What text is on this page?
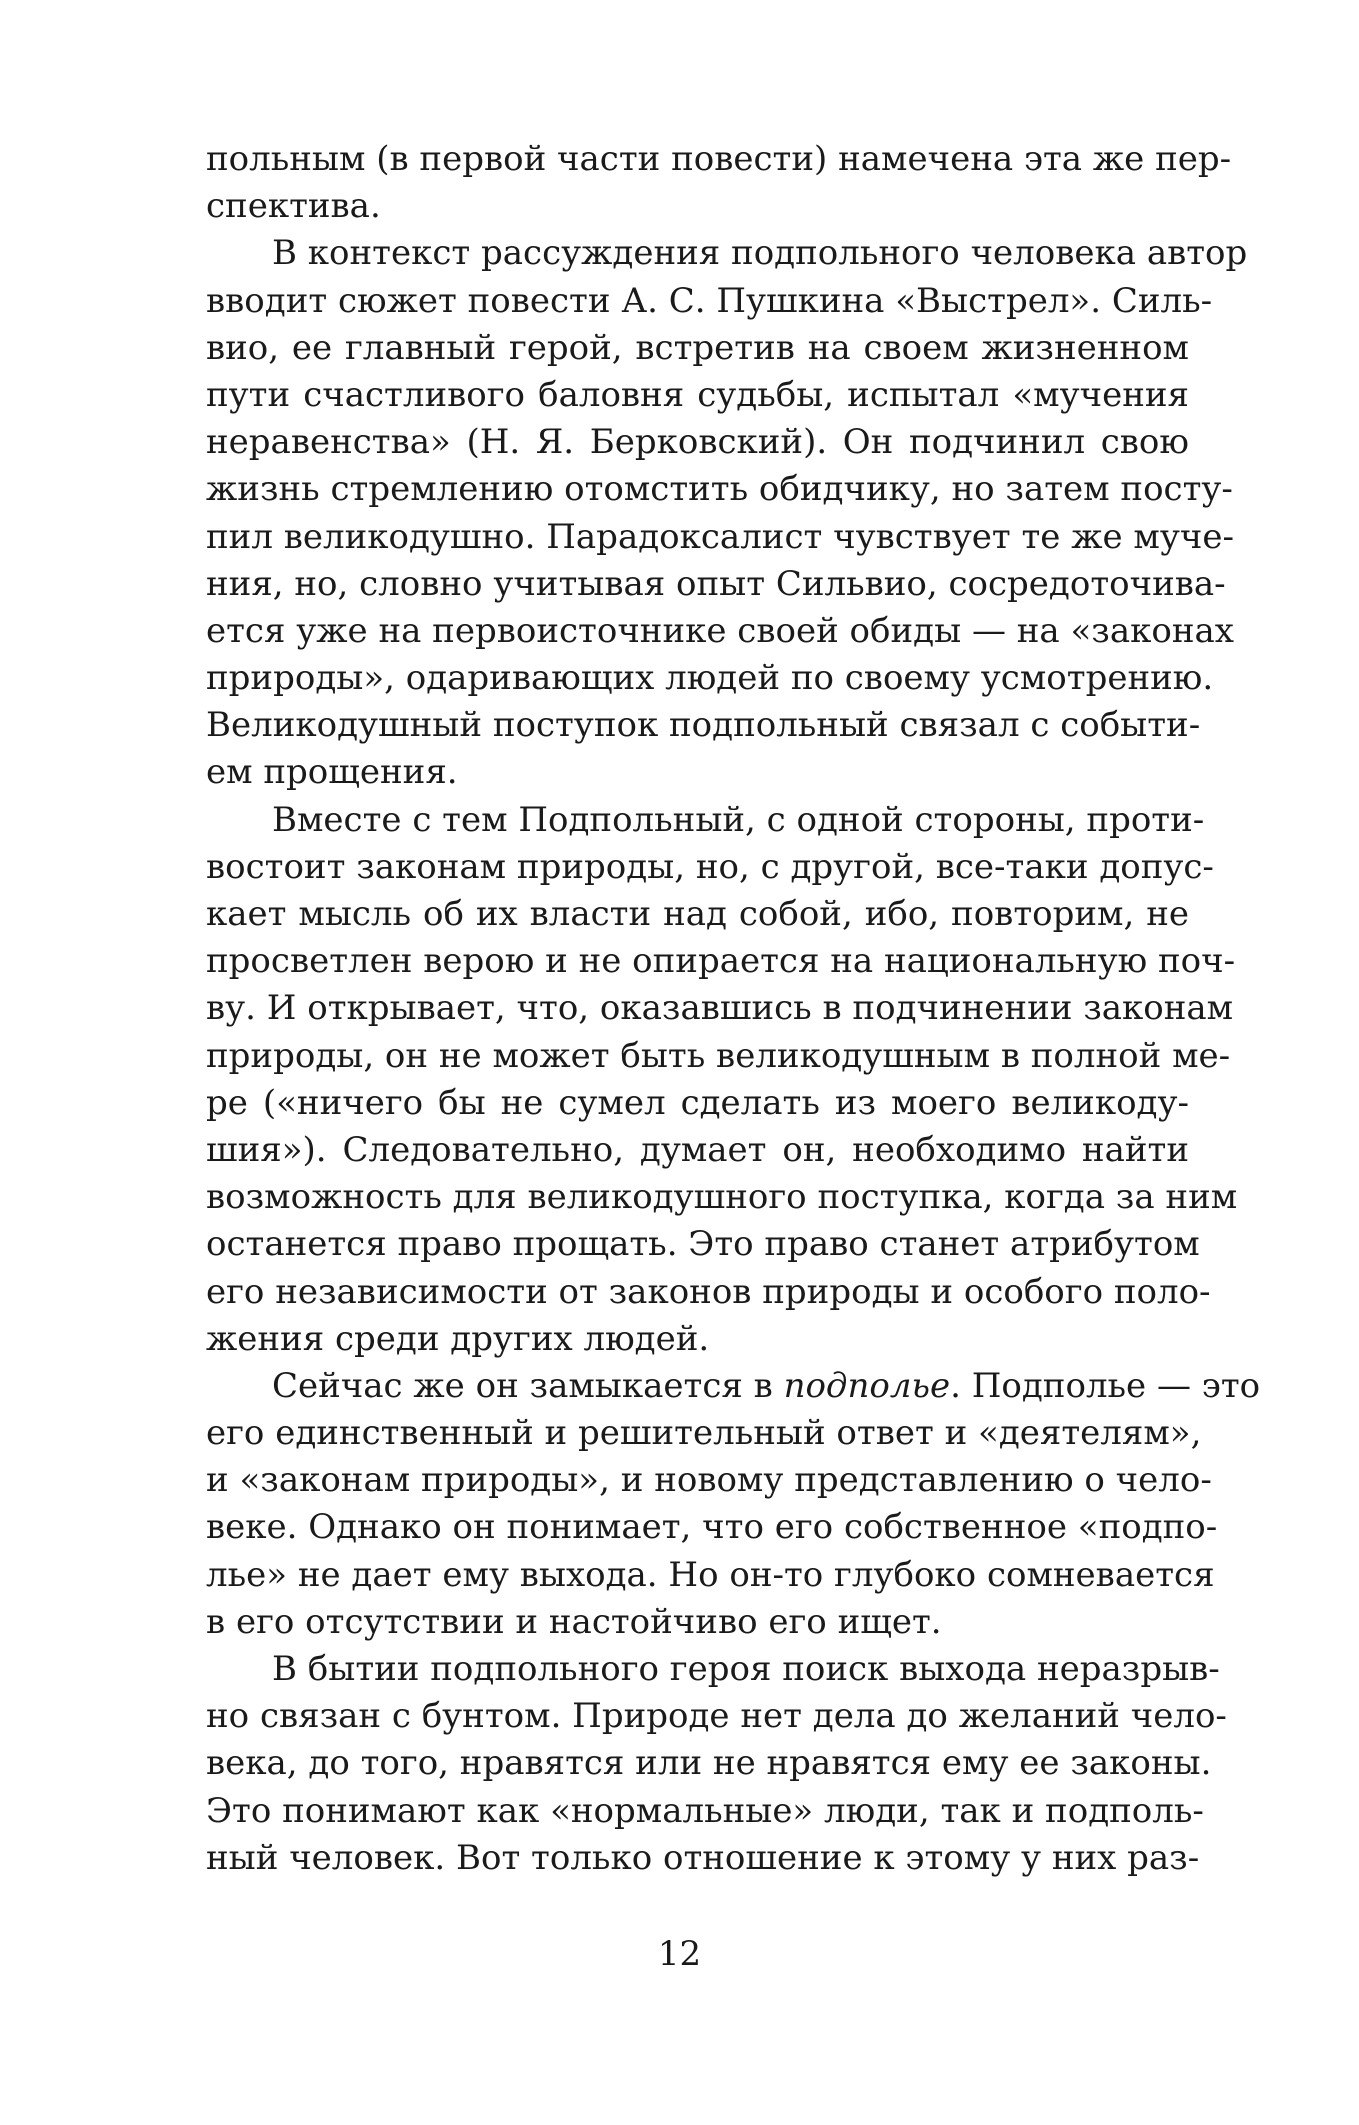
польным (в первой части повести) намечена эта же пер-
спектива.
В контекст рассуждения подпольного человека автор
вводит сюжет повести А. С. Пушкина «Выстрел». Силь-
вио, ее главный герой, встретив на своем жизненном
пути счастливого баловня судьбы, испытал «мучения
неравенства» (Н. Я. Берковский). Он подчинил свою
жизнь стремлению отомстить обидчику, но затем посту-
пил великодушно. Парадоксалист чувствует те же муче-
ния, но, словно учитывая опыт Сильвио, сосредоточива-
ется уже на первоисточнике своей обиды — на «законах
природы», одаривающих людей по своему усмотрению.
Великодушный поступок подпольный связал с событи-
ем прощения.
Вместе с тем Подпольный, с одной стороны, проти-
востоит законам природы, но, с другой, все-таки допус-
кает мысль об их власти над собой, ибо, повторим, не
просветлен верою и не опирается на национальную поч-
ву. И открывает, что, оказавшись в подчинении законам
природы, он не может быть великодушным в полной ме-
ре («ничего бы не сумел сделать из моего великоду-
шия»). Следовательно, думает он, необходимо найти
возможность для великодушного поступка, когда за ним
останется право прощать. Это право станет атрибутом
его независимости от законов природы и особого поло-
жения среди других людей.
Сейчас же он замыкается в подполье. Подполье — это
его единственный и решительный ответ и «деятелям»,
и «законам природы», и новому представлению о чело-
веке. Однако он понимает, что его собственное «подпо-
лье» не дает ему выхода. Но он-то глубоко сомневается
в его отсутствии и настойчиво его ищет.
В бытии подпольного героя поиск выхода неразрыв-
но связан с бунтом. Природе нет дела до желаний чело-
века, до того, нравятся или не нравятся ему ее законы.
Это понимают как «нормальные» люди, так и подполь-
ный человек. Вот только отношение к этому у них раз-
12
